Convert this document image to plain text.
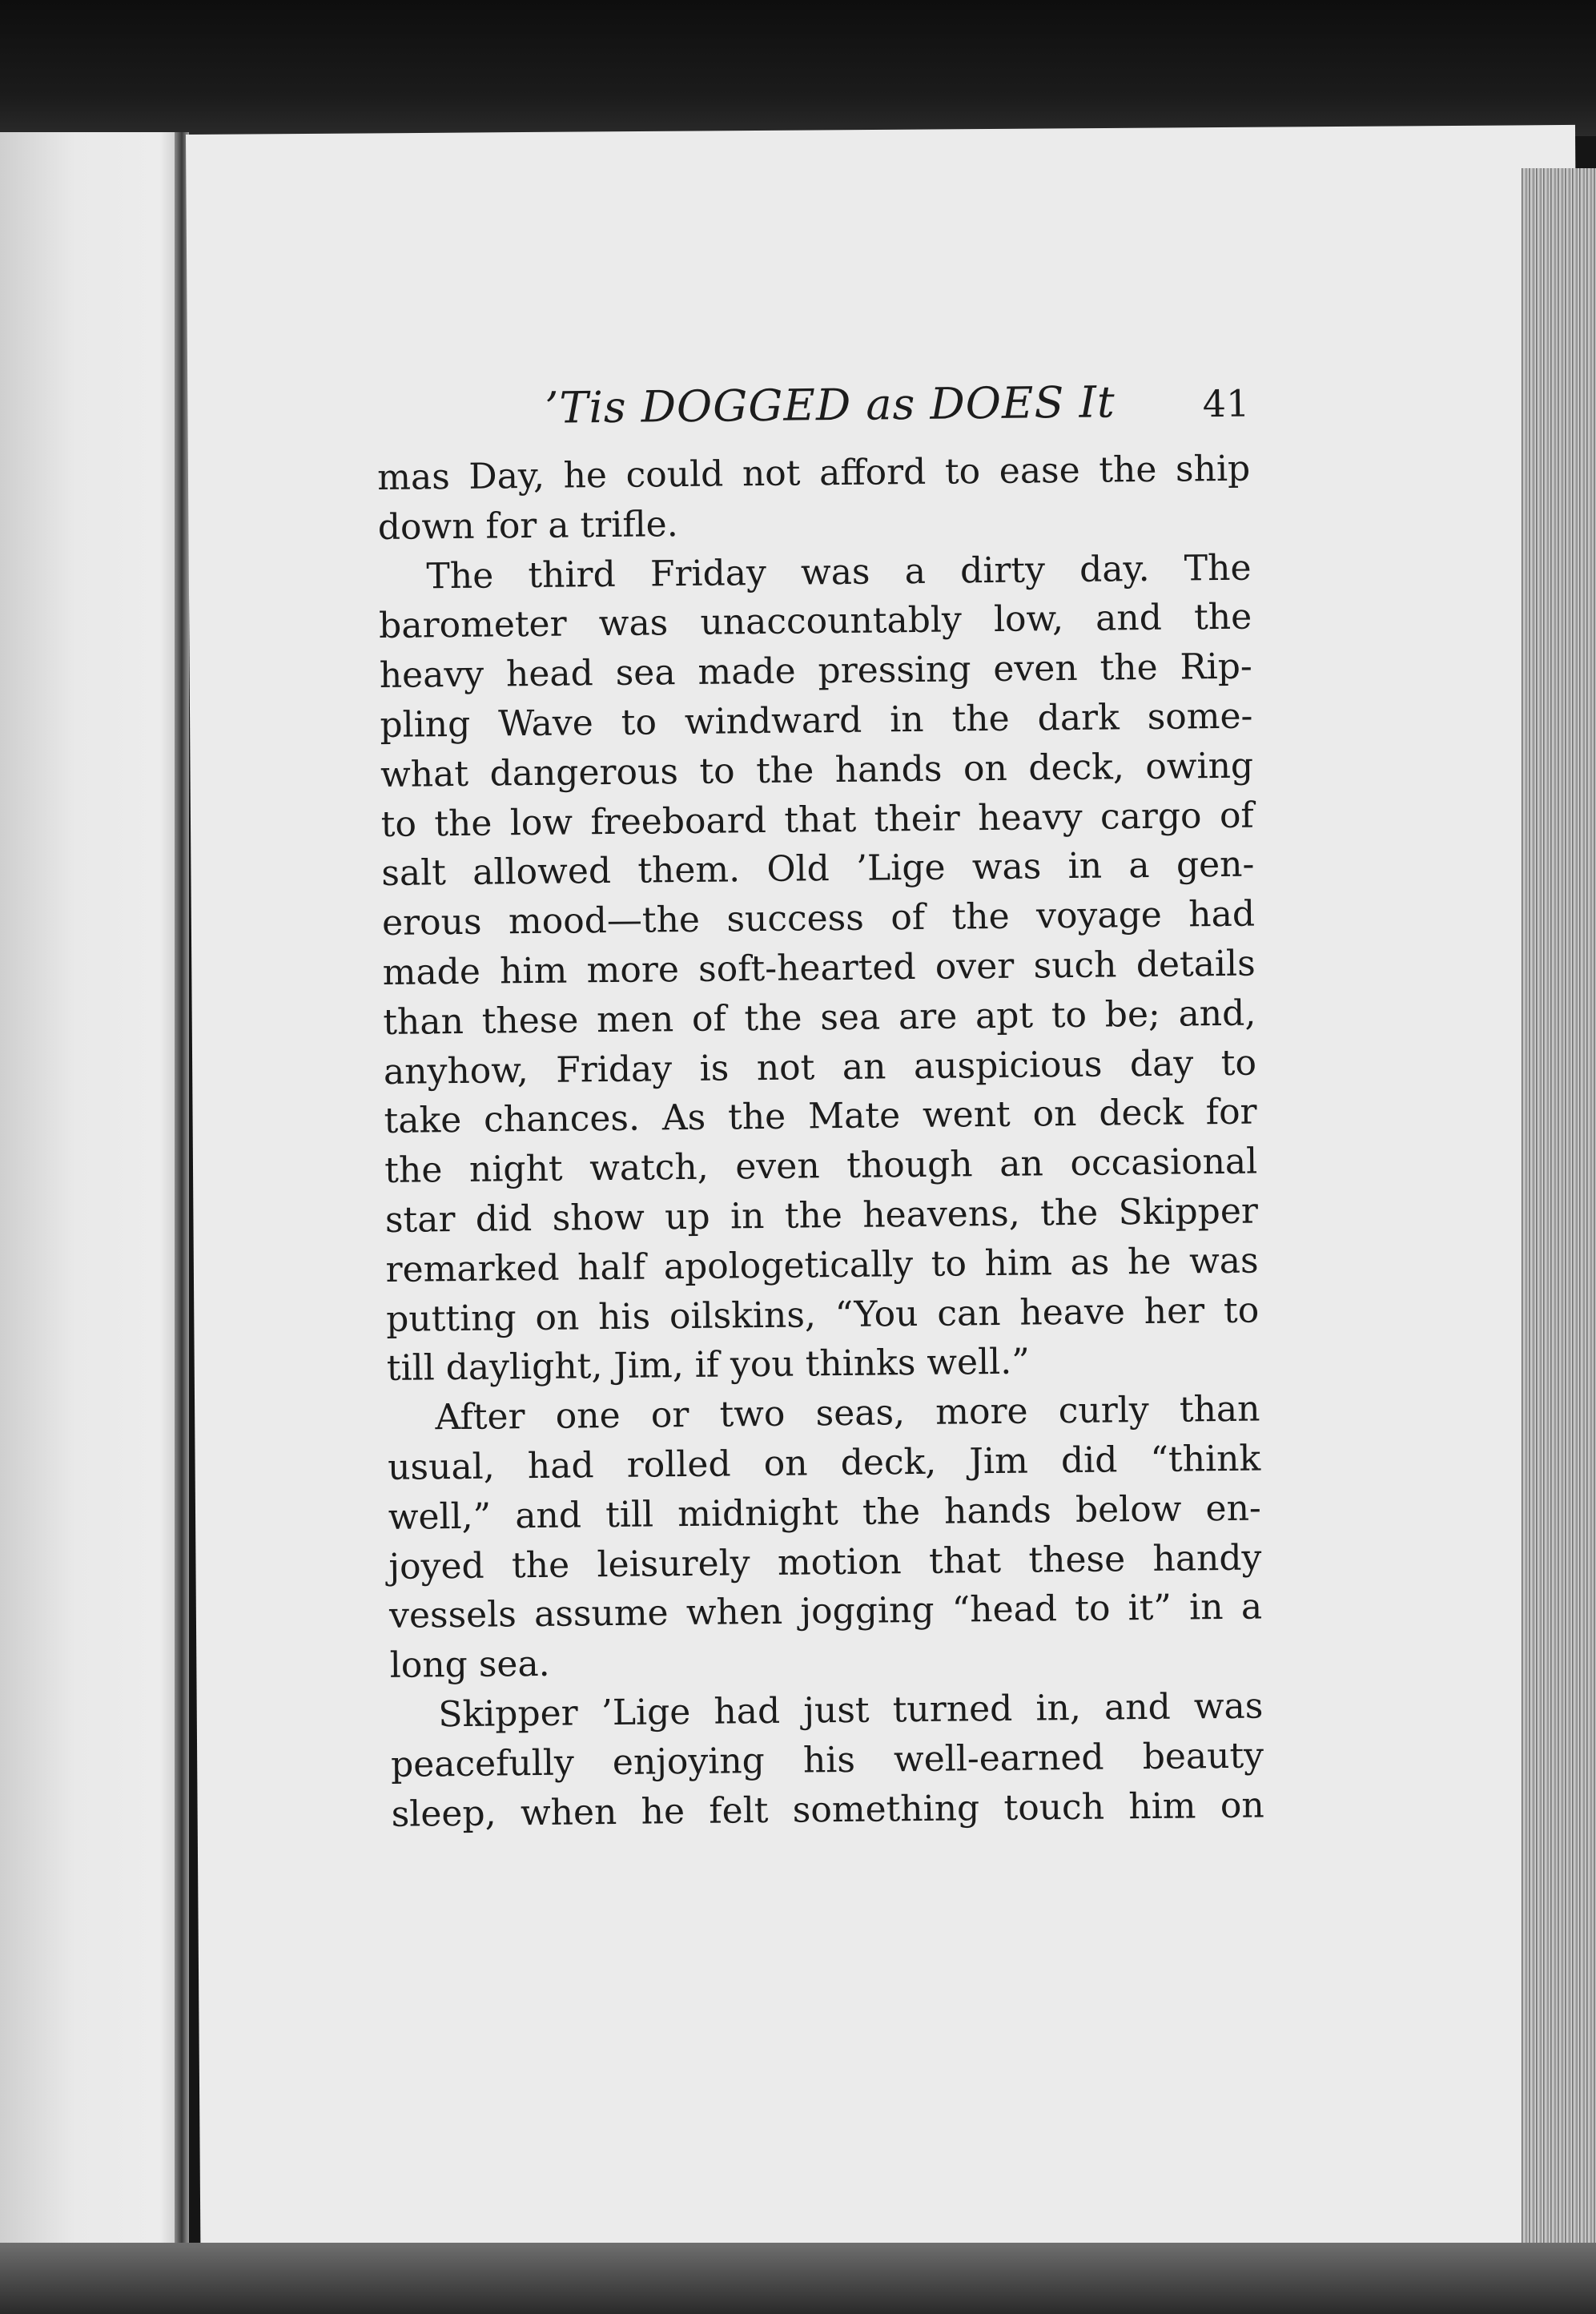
’Tis DOGGED as DOES It 41
mas Day, he could not afford to ease the ship
down for a trifle.
The third Friday was a dirty day. The
barometer was unaccountably low, and the
heavy head sea made pressing even the Rip-
pling Wave to windward in the dark some-
what dangerous to the hands on deck, owing
to the low freeboard that their heavy cargo of
salt allowed them. Old ’Lige was in a gen-
erous mood—the success of the voyage had
made him more soft-hearted over such details
than these men of the sea are apt to be; and,
anyhow, Friday is not an auspicious day to
take chances. As the Mate went on deck for
the night watch, even though an occasional
star did show up in the heavens, the Skipper
remarked half apologetically to him as he was
putting on his oilskins, “You can heave her to
till daylight, Jim, if you thinks well.”
After one or two seas, more curly than
usual, had rolled on deck, Jim did “think
well,” and till midnight the hands below en-
joyed the leisurely motion that these handy
vessels assume when jogging “head to it” in a
long sea.
Skipper ’Lige had just turned in, and was
peacefully enjoying his well-earned beauty
sleep, when he felt something touch him on
